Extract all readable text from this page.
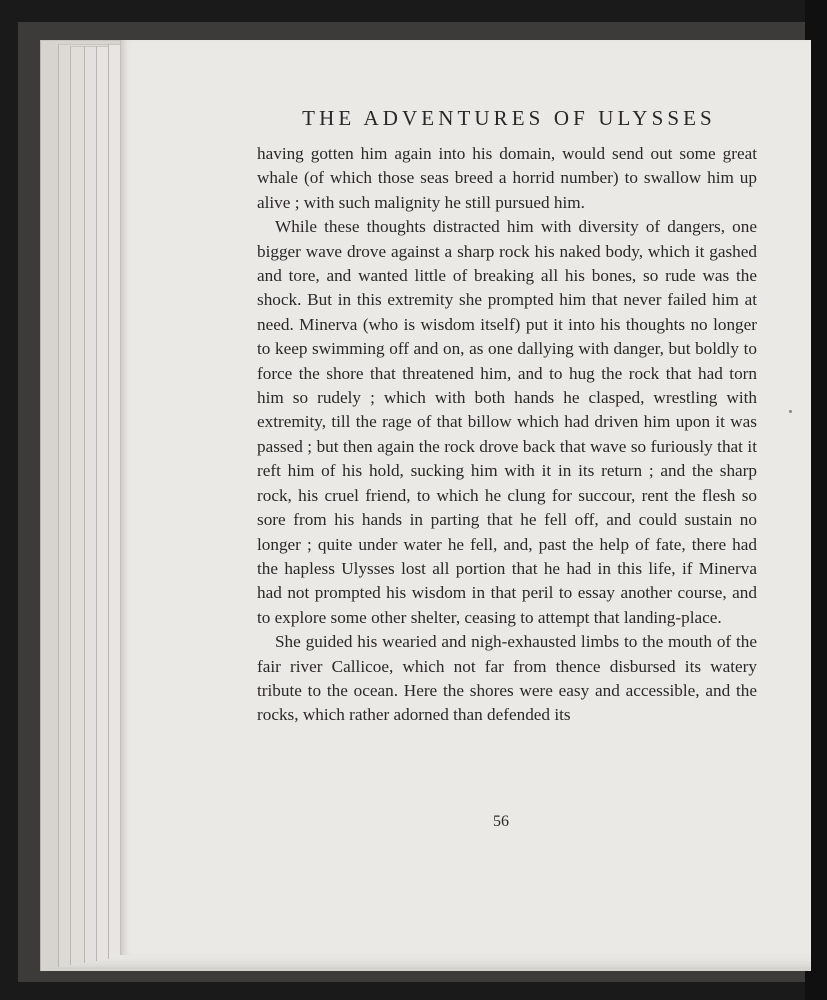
THE ADVENTURES OF ULYSSES

having gotten him again into his domain, would send out some great whale (of which those seas breed a horrid number) to swallow him up alive ; with such malignity he still pursued him.

While these thoughts distracted him with diversity of dangers, one bigger wave drove against a sharp rock his naked body, which it gashed and tore, and wanted little of breaking all his bones, so rude was the shock. But in this extremity she prompted him that never failed him at need. Minerva (who is wisdom itself) put it into his thoughts no longer to keep swimming off and on, as one dallying with danger, but boldly to force the shore that threatened him, and to hug the rock that had torn him so rudely ; which with both hands he clasped, wrestling with extremity, till the rage of that billow which had driven him upon it was passed ; but then again the rock drove back that wave so furiously that it reft him of his hold, sucking him with it in its return ; and the sharp rock, his cruel friend, to which he clung for succour, rent the flesh so sore from his hands in parting that he fell off, and could sustain no longer ; quite under water he fell, and, past the help of fate, there had the hapless Ulysses lost all portion that he had in this life, if Minerva had not prompted his wisdom in that peril to essay another course, and to explore some other shelter, ceasing to attempt that landing-place.

She guided his wearied and nigh-exhausted limbs to the mouth of the fair river Callicoe, which not far from thence disbursed its watery tribute to the ocean. Here the shores were easy and accessible, and the rocks, which rather adorned than defended its

56
